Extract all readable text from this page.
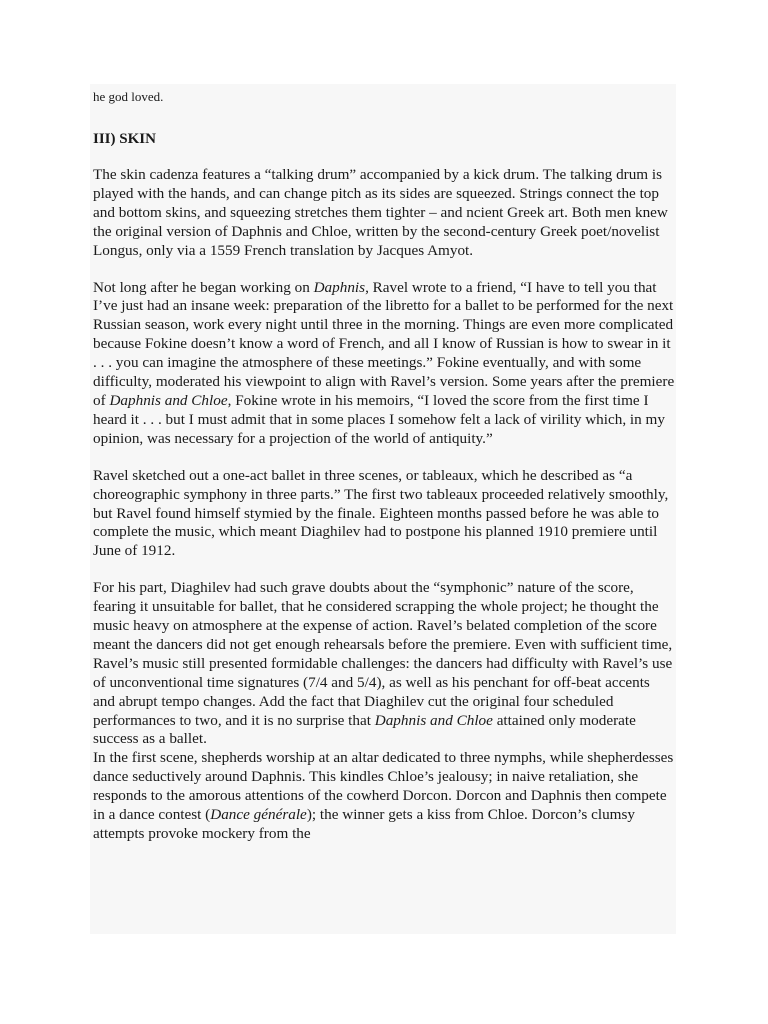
he god loved.

III) SKIN

The skin cadenza features a “talking drum” accompanied by a kick drum. The talking drum is played with the hands, and can change pitch as its sides are squeezed. Strings connect the top and bottom skins, and squeezing stretches them tighter – and ncient Greek art. Both men knew the original version of Daphnis and Chloe, written by the second-century Greek poet/novelist Longus, only via a 1559 French translation by Jacques Amyot.

Not long after he began working on Daphnis, Ravel wrote to a friend, “I have to tell you that I’ve just had an insane week: preparation of the libretto for a ballet to be performed for the next Russian season, work every night until three in the morning. Things are even more complicated because Fokine doesn’t know a word of French, and all I know of Russian is how to swear in it . . . you can imagine the atmosphere of these meetings.” Fokine eventually, and with some difficulty, moderated his viewpoint to align with Ravel’s version. Some years after the premiere of Daphnis and Chloe, Fokine wrote in his memoirs, “I loved the score from the first time I heard it . . . but I must admit that in some places I somehow felt a lack of virility which, in my opinion, was necessary for a projection of the world of antiquity.”

Ravel sketched out a one-act ballet in three scenes, or tableaux, which he described as “a choreographic symphony in three parts.” The first two tableaux proceeded relatively smoothly, but Ravel found himself stymied by the finale. Eighteen months passed before he was able to complete the music, which meant Diaghilev had to postpone his planned 1910 premiere until June of 1912.

For his part, Diaghilev had such grave doubts about the “symphonic” nature of the score, fearing it unsuitable for ballet, that he considered scrapping the whole project; he thought the music heavy on atmosphere at the expense of action. Ravel’s belated completion of the score meant the dancers did not get enough rehearsals before the premiere. Even with sufficient time, Ravel’s music still presented formidable challenges: the dancers had difficulty with Ravel’s use of unconventional time signatures (7/4 and 5/4), as well as his penchant for off-beat accents and abrupt tempo changes. Add the fact that Diaghilev cut the original four scheduled performances to two, and it is no surprise that Daphnis and Chloe attained only moderate success as a ballet.

In the first scene, shepherds worship at an altar dedicated to three nymphs, while shepherdesses dance seductively around Daphnis. This kindles Chloe’s jealousy; in naive retaliation, she responds to the amorous attentions of the cowherd Dorcon. Dorcon and Daphnis then compete in a dance contest (Dance générale); the winner gets a kiss from Chloe. Dorcon’s clumsy attempts provoke mockery from the
